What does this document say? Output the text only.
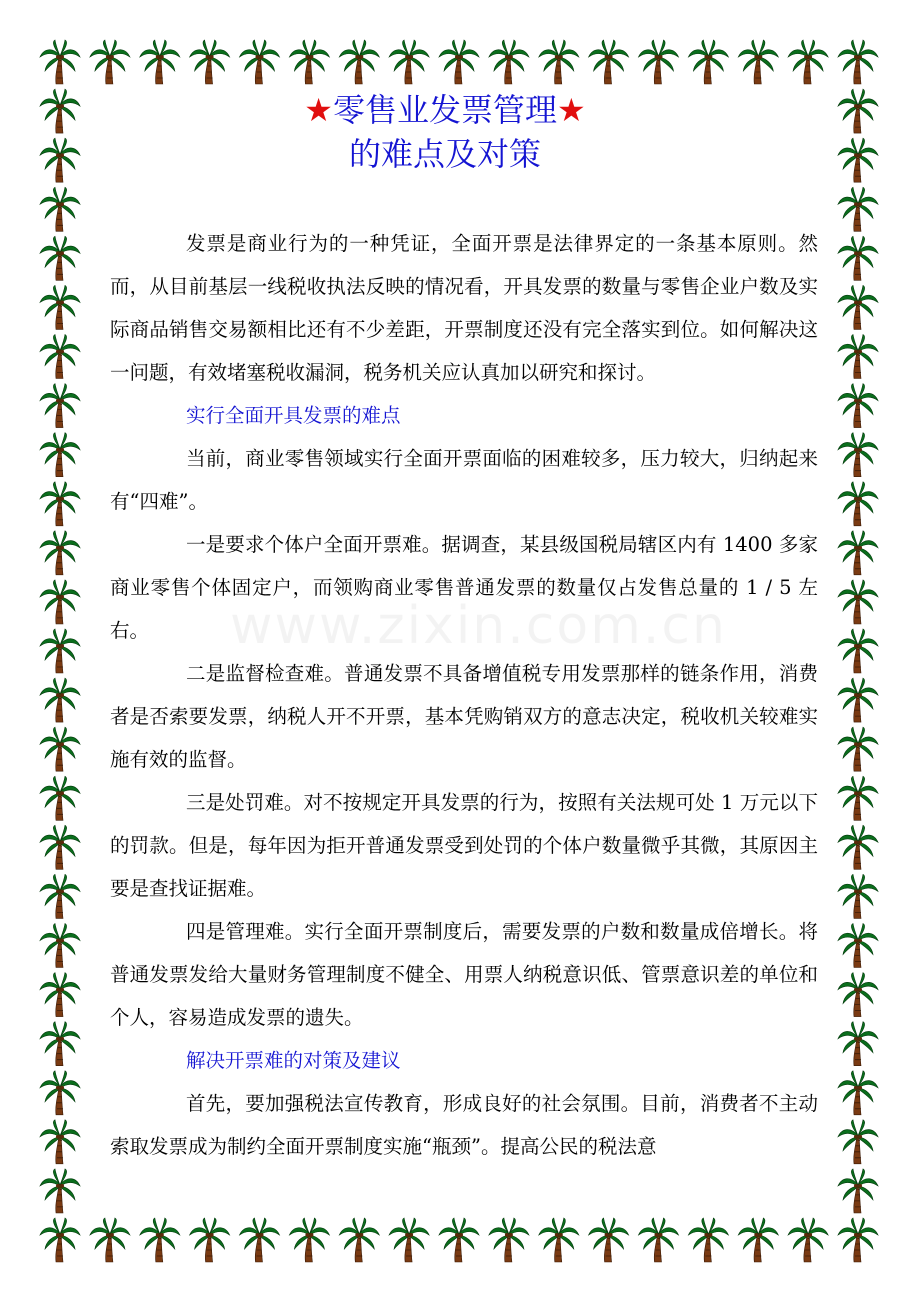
★零售业发票管理★
的难点及对策

发票是商业行为的一种凭证，全面开票是法律界定的一条基本原则。然而，从目前基层一线税收执法反映的情况看，开具发票的数量与零售企业户数及实际商品销售交易额相比还有不少差距，开票制度还没有完全落实到位。如何解决这一问题，有效堵塞税收漏洞，税务机关应认真加以研究和探讨。

实行全面开具发票的难点

当前，商业零售领域实行全面开票面临的困难较多，压力较大，归纳起来有“四难”。

一是要求个体户全面开票难。据调查，某县级国税局辖区内有 1400 多家商业零售个体固定户，而领购商业零售普通发票的数量仅占发售总量的 1 / 5 左右。

二是监督检查难。普通发票不具备增值税专用发票那样的链条作用，消费者是否索要发票，纳税人开不开票，基本凭购销双方的意志决定，税收机关较难实施有效的监督。

三是处罚难。对不按规定开具发票的行为，按照有关法规可处 1 万元以下的罚款。但是，每年因为拒开普通发票受到处罚的个体户数量微乎其微，其原因主要是查找证据难。

四是管理难。实行全面开票制度后，需要发票的户数和数量成倍增长。将普通发票发给大量财务管理制度不健全、用票人纳税意识低、管票意识差的单位和个人，容易造成发票的遗失。

解决开票难的对策及建议

首先，要加强税法宣传教育，形成良好的社会氛围。目前，消费者不主动索取发票成为制约全面开票制度实施“瓶颈”。提高公民的税法意
